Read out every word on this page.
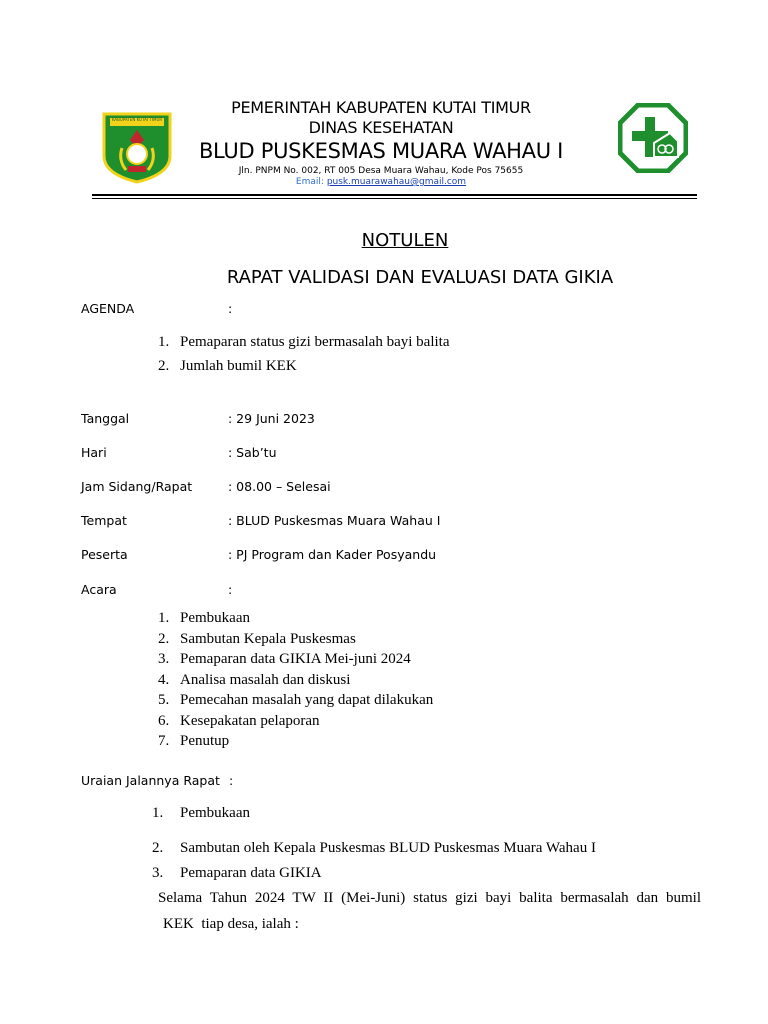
KABUPATEN KUTAI TIMUR
PEMERINTAH KABUPATEN KUTAI TIMUR
DINAS KESEHATAN
BLUD PUSKESMAS MUARA WAHAU I
Jln. PNPM No. 002, RT 005 Desa Muara Wahau, Kode Pos 75655
Email: pusk.muarawahau@gmail.com
NOTULEN
RAPAT VALIDASI DAN EVALUASI DATA GIKIA
AGENDA	:
1. Pemaparan status gizi bermasalah bayi balita
2. Jumlah bumil KEK
Tanggal	: 29 Juni 2023
Hari	: Sab’tu
Jam Sidang/Rapat	: 08.00 – Selesai
Tempat	: BLUD Puskesmas Muara Wahau I
Peserta	: PJ Program dan Kader Posyandu
Acara	:
1. Pembukaan
2. Sambutan Kepala Puskesmas
3. Pemaparan data GIKIA Mei-juni 2024
4. Analisa masalah dan diskusi
5. Pemecahan masalah yang dapat dilakukan
6. Kesepakatan pelaporan
7. Penutup
Uraian Jalannya Rapat :
1. Pembukaan
2. Sambutan oleh Kepala Puskesmas BLUD Puskesmas Muara Wahau I
3. Pemaparan data GIKIA
Selama Tahun 2024 TW II (Mei-Juni) status gizi bayi balita bermasalah dan bumil
KEK  tiap desa, ialah :
